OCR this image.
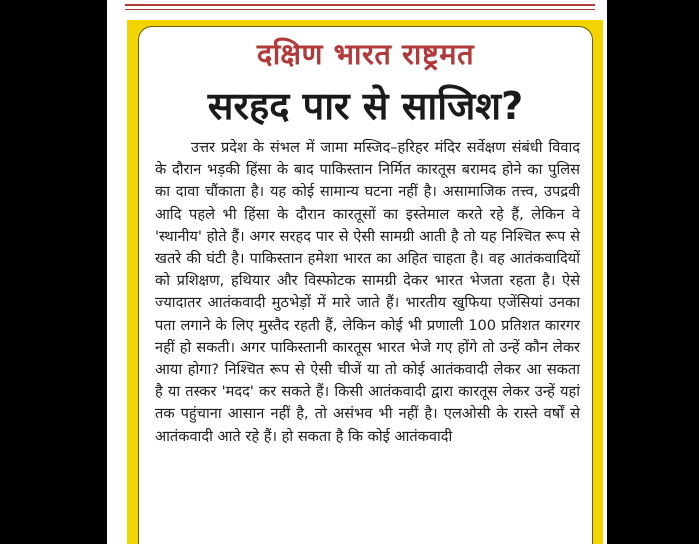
दक्षिण भारत राष्ट्रमत
सरहद पार से साजिश?
उत्तर प्रदेश के संभल में जामा मस्जिद–हरिहर मंदिर सर्वेक्षण संबंधी विवाद के दौरान भड़की हिंसा के बाद पाकिस्तान निर्मित कारतूस बरामद होने का पुलिस का दावा चौंकाता है। यह कोई सामान्य घटना नहीं है। असामाजिक तत्त्व, उपद्रवी आदि पहले भी हिंसा के दौरान कारतूसों का इस्तेमाल करते रहे हैं, लेकिन वे 'स्थानीय' होते हैं। अगर सरहद पार से ऐसी सामग्री आती है तो यह निश्चित रूप से खतरे की घंटी है। पाकिस्तान हमेशा भारत का अहित चाहता है। वह आतंकवादियों को प्रशिक्षण, हथियार और विस्फोटक सामग्री देकर भारत भेजता रहता है। ऐसे ज्यादातर आतंकवादी मुठभेड़ों में मारे जाते हैं। भारतीय खुफिया एजेंसियां उनका पता लगाने के लिए मुस्तैद रहती हैं, लेकिन कोई भी प्रणाली 100 प्रतिशत कारगर नहीं हो सकती। अगर पाकिस्तानी कारतूस भारत भेजे गए होंगे तो उन्हें कौन लेकर आया होगा? निश्चित रूप से ऐसी चीजें या तो कोई आतंकवादी लेकर आ सकता है या तस्कर 'मदद' कर सकते हैं। किसी आतंकवादी द्वारा कारतूस लेकर उन्हें यहां तक पहुंचाना आसान नहीं है, तो असंभव भी नहीं है। एलओसी के रास्ते वर्षों से आतंकवादी आते रहे हैं। हो सकता है कि कोई आतंकवादी
